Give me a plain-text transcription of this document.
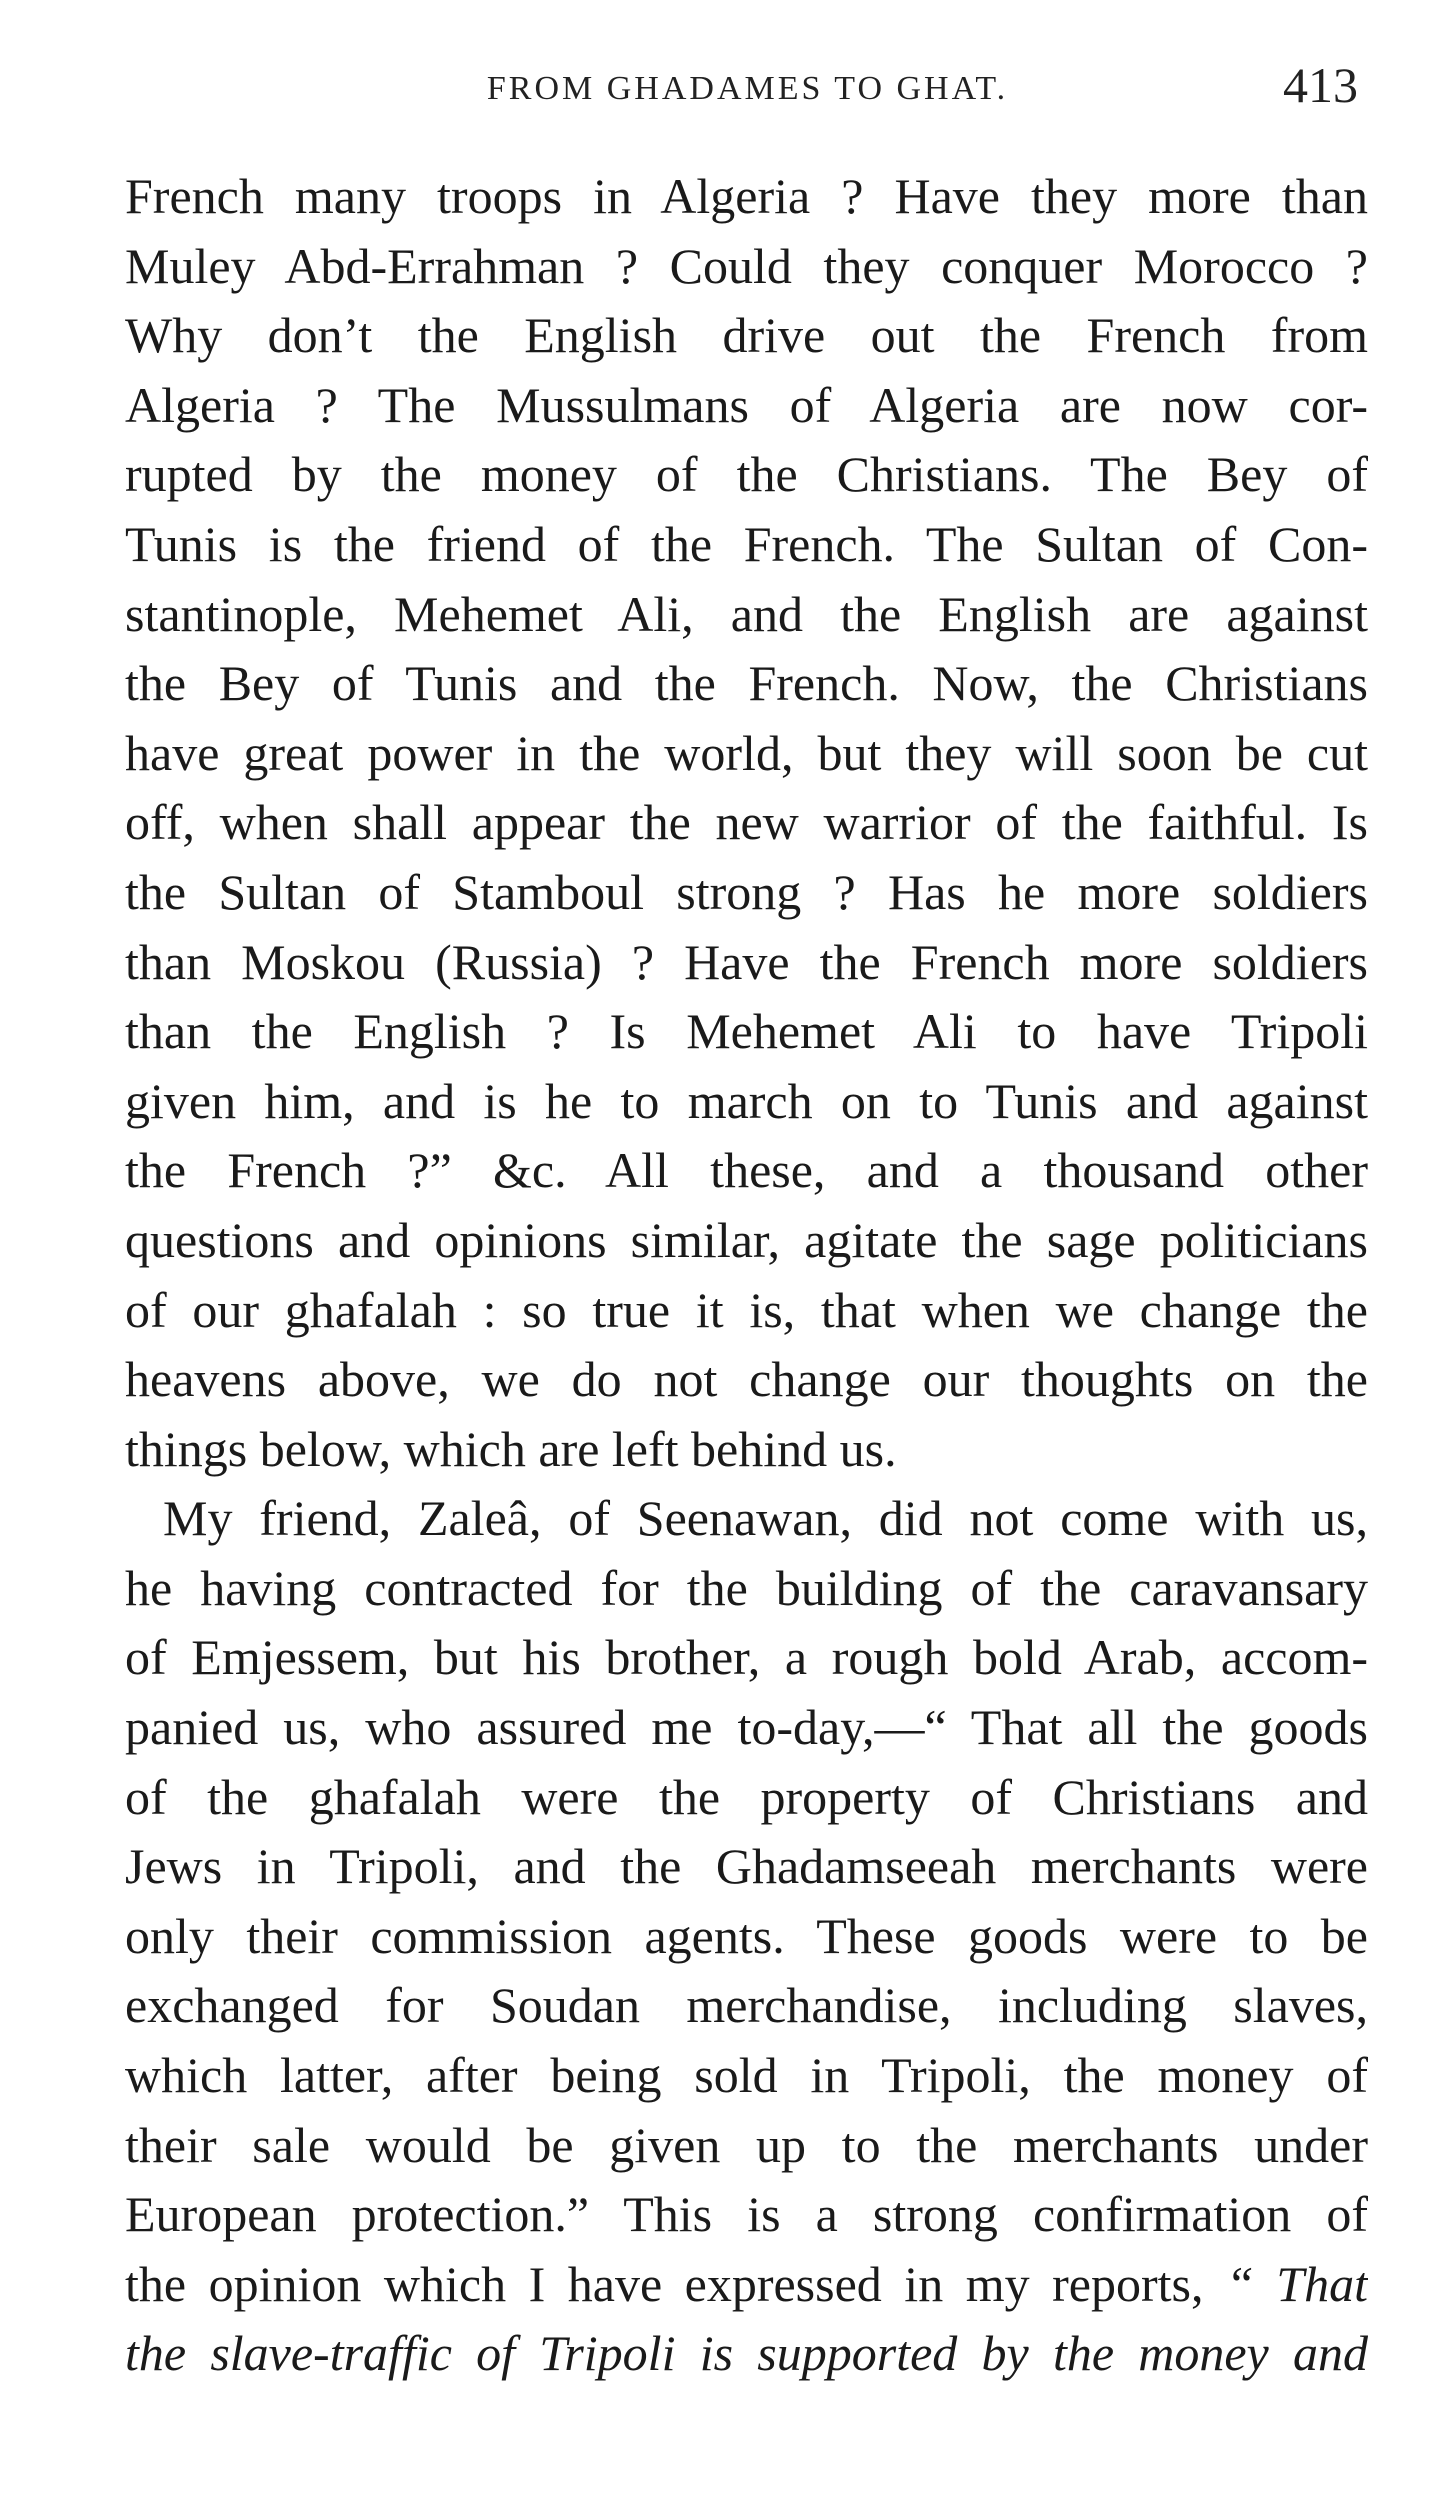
FROM GHADAMES TO GHAT.	413
French many troops in Algeria ? Have they more than
Muley Abd-Errahman ? Could they conquer Morocco ?
Why don’t the English drive out the French from
Algeria ? The Mussulmans of Algeria are now cor-
rupted by the money of the Christians. The Bey of
Tunis is the friend of the French. The Sultan of Con-
stantinople, Mehemet Ali, and the English are against
the Bey of Tunis and the French. Now, the Christians
have great power in the world, but they will soon be cut
off, when shall appear the new warrior of the faithful. Is
the Sultan of Stamboul strong ? Has he more soldiers
than Moskou (Russia) ? Have the French more soldiers
than the English ? Is Mehemet Ali to have Tripoli
given him, and is he to march on to Tunis and against
the French ?” &c. All these, and a thousand other
questions and opinions similar, agitate the sage politicians
of our ghafalah : so true it is, that when we change the
heavens above, we do not change our thoughts on the
things below, which are left behind us.
My friend, Zaleâ, of Seenawan, did not come with us,
he having contracted for the building of the caravansary
of Emjessem, but his brother, a rough bold Arab, accom-
panied us, who assured me to-day,—“ That all the goods
of the ghafalah were the property of Christians and
Jews in Tripoli, and the Ghadamseeah merchants were
only their commission agents. These goods were to be
exchanged for Soudan merchandise, including slaves,
which latter, after being sold in Tripoli, the money of
their sale would be given up to the merchants under
European protection.” This is a strong confirmation of
the opinion which I have expressed in my reports, “ That
the slave-traffic of Tripoli is supported by the money and
